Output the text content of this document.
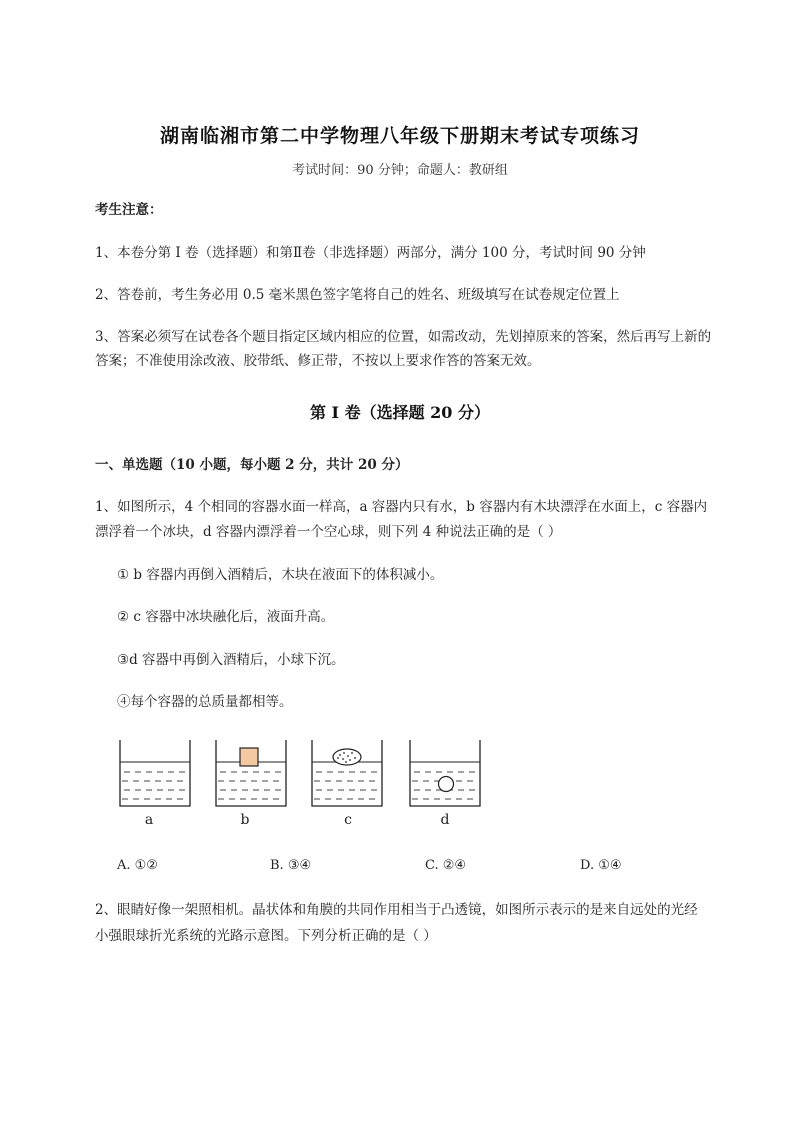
湖南临湘市第二中学物理八年级下册期末考试专项练习
考试时间：90 分钟；命题人：教研组
考生注意：
1、本卷分第 I 卷（选择题）和第Ⅱ卷（非选择题）两部分，满分 100 分，考试时间 90 分钟
2、答卷前，考生务必用 0.5 毫米黑色签字笔将自己的姓名、班级填写在试卷规定位置上
3、答案必须写在试卷各个题目指定区域内相应的位置，如需改动，先划掉原来的答案，然后再写上新的答案；不准使用涂改液、胶带纸、修正带，不按以上要求作答的答案无效。
第 I 卷（选择题 20 分）
一、单选题（10 小题，每小题 2 分，共计 20 分）
1、如图所示，4 个相同的容器水面一样高，a 容器内只有水，b 容器内有木块漂浮在水面上，c 容器内
漂浮着一个冰块，d 容器内漂浮着一个空心球，则下列 4 种说法正确的是（ ）
① b 容器内再倒入酒精后，木块在液面下的体积减小。
② c 容器中冰块融化后，液面升高。
③d 容器中再倒入酒精后，小球下沉。
④每个容器的总质量都相等。
a	b	c	d
A. ①②	B. ③④	C. ②④	D. ①④
2、眼睛好像一架照相机。晶状体和角膜的共同作用相当于凸透镜，如图所示表示的是来自远处的光经
小强眼球折光系统的光路示意图。下列分析正确的是（ ）
